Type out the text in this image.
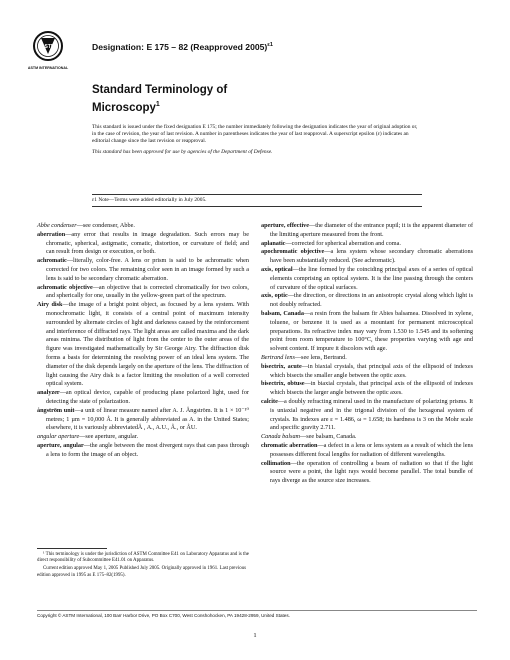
ASTM
ASTM INTERNATIONAL
Designation: E 175 – 82 (Reapproved 2005)$^{\varepsilon 1}$
Standard Terminology of
Microscopy$^1$

This standard is issued under the fixed designation E 175; the number immediately following the designation indicates the year of original adoption or, in the case of revision, the year of last revision. A number in parentheses indicates the year of last reapproval. A superscript epsilon (ε) indicates an editorial change since the last revision or reapproval.

This standard has been approved for use by agencies of the Department of Defense.

ε1 Note—Terms were added editorially in July 2005.

Abbe condenser—see condenser, Abbe.

aberration—any error that results in image degradation. Such errors may be chromatic, spherical, astigmatic, comatic, distortion, or curvature of field; and can result from design or execution, or both.

achromatic—literally, color-free. A lens or prism is said to be achromatic when corrected for two colors. The remaining color seen in an image formed by such a lens is said to be secondary chromatic aberration.

achromatic objective—an objective that is corrected chromatically for two colors, and spherically for one, usually in the yellow-green part of the spectrum.

Airy disk—the image of a bright point object, as focused by a lens system. With monochromatic light, it consists of a central point of maximum intensity surrounded by alternate circles of light and darkness caused by the reinforcement and interference of diffracted rays. The light areas are called maxima and the dark areas minima. The distribution of light from the center to the outer areas of the figure was investigated mathematically by Sir George Airy. The diffraction disk forms a basis for determining the resolving power of an ideal lens system. The diameter of the disk depends largely on the aperture of the lens. The diffraction of light causing the Airy disk is a factor limiting the resolution of a well corrected optical system.

analyzer—an optical device, capable of producing plane polarized light, used for detecting the state of polarization.

ångström unit—a unit of linear measure named after A. J. Ångström. It is 1 × 10⁻¹⁰ metres; 1 µm = 10,000 Å. It is generally abbreviated as A. in the United States; elsewhere, it is variously abbreviatedÅ , A., A.U., Å., or ÅU.

angular aperture—see aperture, angular.

aperture, angular—the angle between the most divergent rays that can pass through a lens to form the image of an object.

aperture, effective—the diameter of the entrance pupil; it is the apparent diameter of the limiting aperture measured from the front.

aplanatic—corrected for spherical aberration and coma.

apochromatic objective—a lens system whose secondary chromatic aberrations have been substantially reduced. (See achromatic).

axis, optical—the line formed by the coinciding principal axes of a series of optical elements comprising an optical system. It is the line passing through the centers of curvature of the optical surfaces.

axis, optic—the direction, or directions in an anisotropic crystal along which light is not doubly refracted.

balsam, Canada—a resin from the balsam fir Abies balsamea. Dissolved in xylene, toluene, or benzene it is used as a mountant for permanent microscopical preparations. Its refractive index may vary from 1.530 to 1.545 and its softening point from room temperature to 100°C, these properties varying with age and solvent content. If impure it discolors with age.

Bertrand lens—see lens, Bertrand.

bisectrix, acute—in biaxial crystals, that principal axis of the ellipsoid of indexes which bisects the smaller angle between the optic axes.

bisectrix, obtuse—in biaxial crystals, that principal axis of the ellipsoid of indexes which bisects the larger angle between the optic axes.

calcite—a doubly refracting mineral used in the manufacture of polarizing prisms. It is uniaxial negative and in the trigonal division of the hexagonal system of crystals. Its indexes are ε = 1.486, ω = 1.658; its hardness is 3 on the Mohr scale and specific gravity 2.711.

Canada balsam—see balsam, Canada.

chromatic aberration—a defect in a lens or lens system as a result of which the lens possesses different focal lengths for radiation of different wavelengths.

collimation—the operation of controlling a beam of radiation so that if the light source were a point, the light rays would become parallel. The total bundle of rays diverge as the source size increases.

¹ This terminology is under the jurisdiction of ASTM Committee E41 on Laboratory Apparatus and is the direct responsibility of Subcommittee E41.01 on Apparatus.

Current edition approved May 1, 2005 Published July 2005. Originally approved in 1961. Last previous edition approved in 1995 as E 175–82(1995).

Copyright © ASTM International, 100 Barr Harbor Drive, PO Box C700, West Conshohocken, PA 19428-2959, United States.
1
